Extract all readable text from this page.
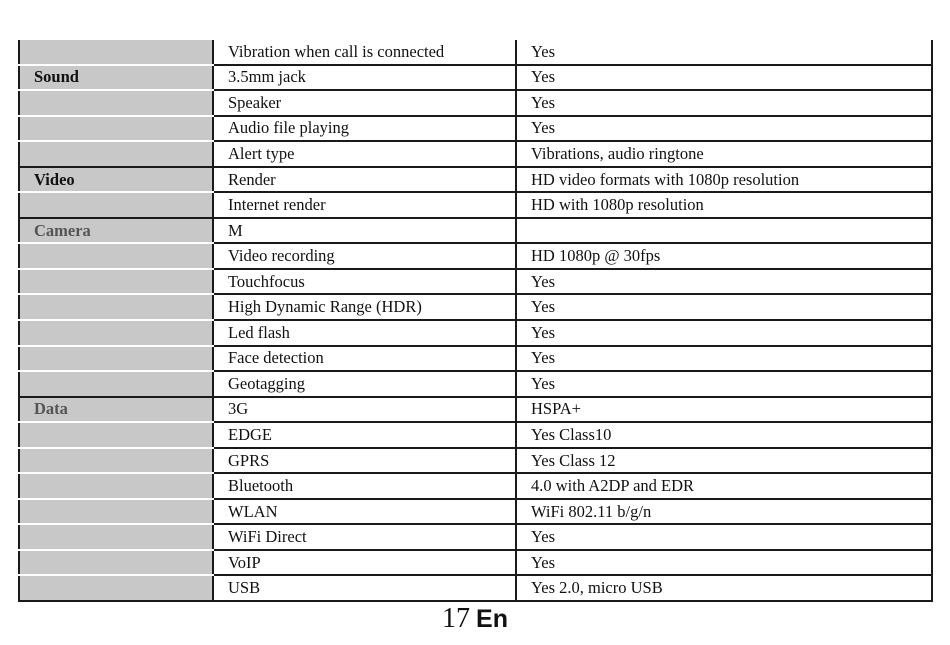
	Vibration when call is connected	Yes
Sound	3.5mm jack	Yes
	Speaker	Yes
	Audio file playing	Yes
	Alert type	Vibrations, audio ringtone
Video	Render	HD video formats with 1080p resolution
	Internet render	HD with 1080p resolution
Camera	M	
	Video recording	HD 1080p @ 30fps
	Touchfocus	Yes
	High Dynamic Range (HDR)	Yes
	Led flash	Yes
	Face detection	Yes
	Geotagging	Yes
Data	3G	HSPA+
	EDGE	Yes Class10
	GPRS	Yes Class 12
	Bluetooth	4.0 with A2DP and EDR
	WLAN	WiFi 802.11 b/g/n
	WiFi Direct	Yes
	VoIP	Yes
	USB	Yes 2.0, micro USB
17 En
